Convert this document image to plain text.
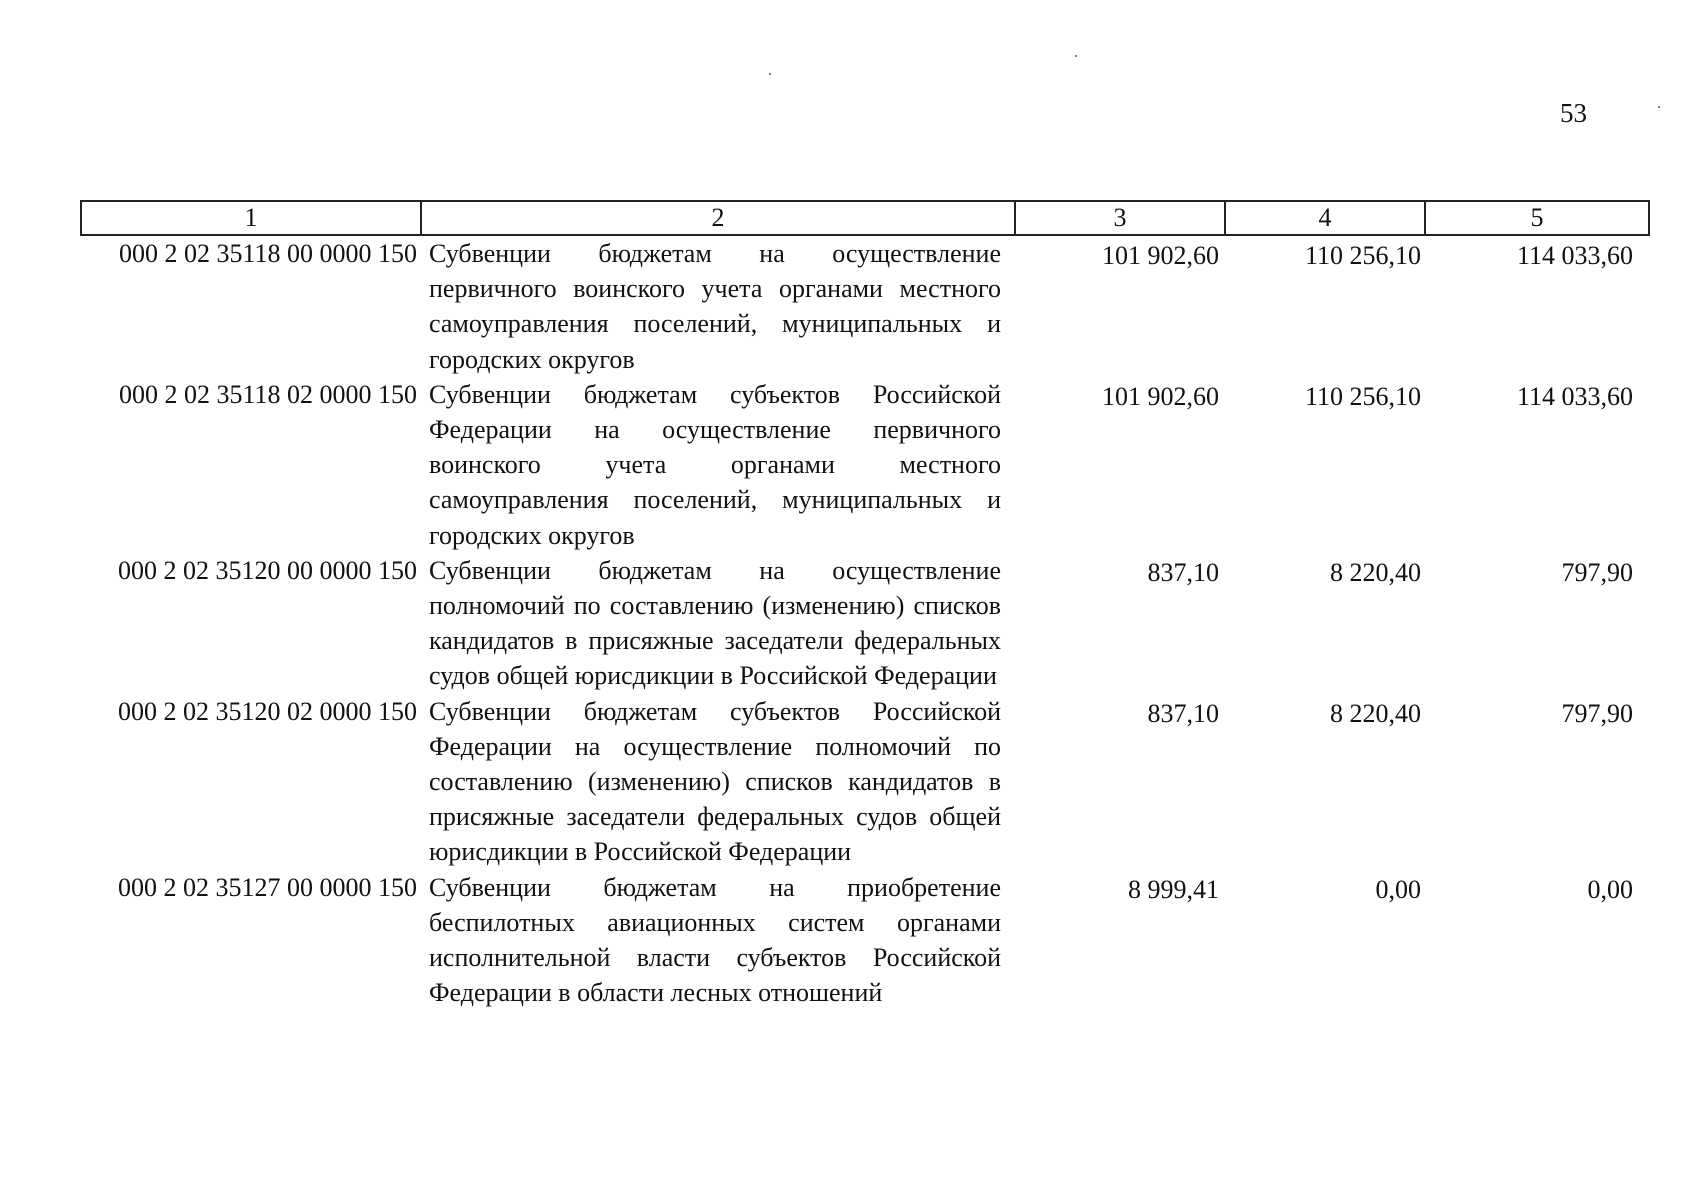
53
1	2	3	4	5
000 2 02 35118 00 0000 150	Субвенции бюджетам на осуществление первичного воинского учета органами местного самоуправления поселений, муниципальных и городских округов	101 902,60	110 256,10	114 033,60
000 2 02 35118 02 0000 150	Субвенции бюджетам субъектов Российской Федерации на осуществление первичного воинского учета органами местного самоуправления поселений, муниципальных и городских округов	101 902,60	110 256,10	114 033,60
000 2 02 35120 00 0000 150	Субвенции бюджетам на осуществление полномочий по составлению (изменению) списков кандидатов в присяжные заседатели федеральных судов общей юрисдикции в Российской Федерации	837,10	8 220,40	797,90
000 2 02 35120 02 0000 150	Субвенции бюджетам субъектов Российской Федерации на осуществление полномочий по составлению (изменению) списков кандидатов в присяжные заседатели федеральных судов общей юрисдикции в Российской Федерации	837,10	8 220,40	797,90
000 2 02 35127 00 0000 150	Субвенции бюджетам на приобретение беспилотных авиационных систем органами исполнительной власти субъектов Российской Федерации в области лесных отношений	8 999,41	0,00	0,00
